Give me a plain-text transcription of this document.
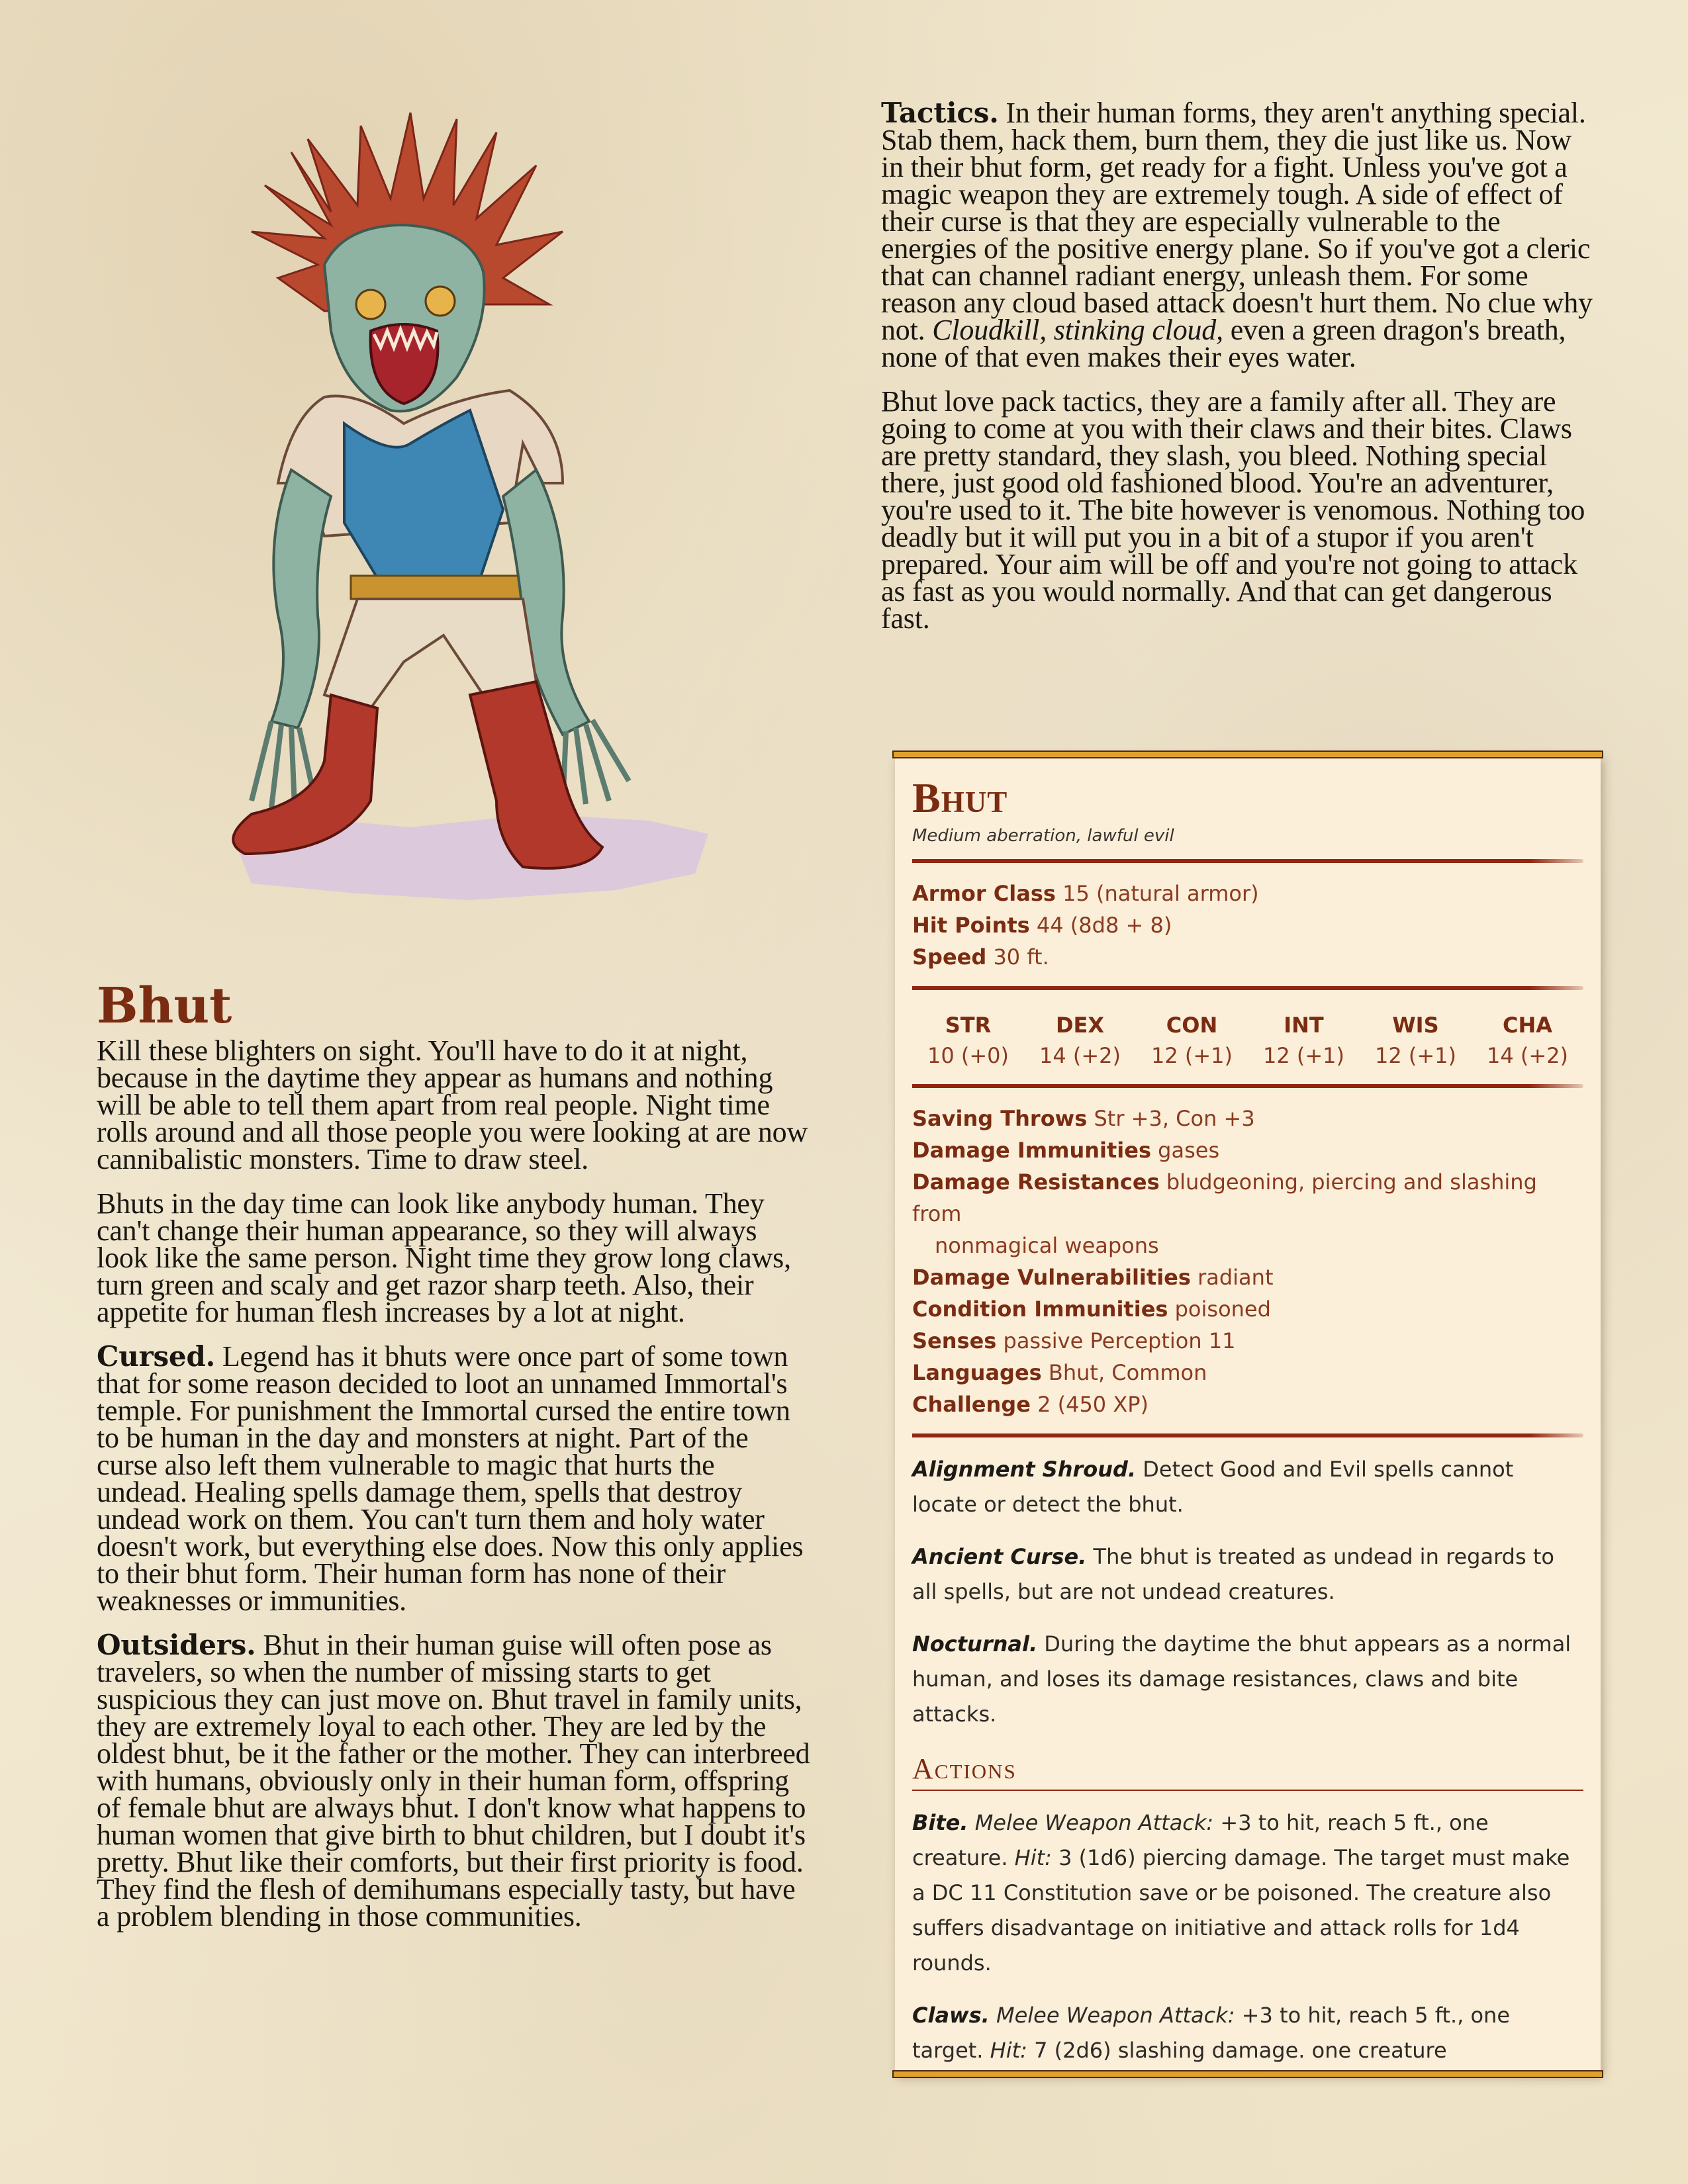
Bhut

Kill these blighters on sight. You'll have to do it at night, because in the daytime they appear as humans and nothing will be able to tell them apart from real people. Night time rolls around and all those people you were looking at are now cannibalistic monsters. Time to draw steel.

Bhuts in the day time can look like anybody human. They can't change their human appearance, so they will always look like the same person. Night time they grow long claws, turn green and scaly and get razor sharp teeth. Also, their appetite for human flesh increases by a lot at night.

Cursed. Legend has it bhuts were once part of some town that for some reason decided to loot an unnamed Immortal's temple. For punishment the Immortal cursed the entire town to be human in the day and monsters at night. Part of the curse also left them vulnerable to magic that hurts the undead. Healing spells damage them, spells that destroy undead work on them. You can't turn them and holy water doesn't work, but everything else does. Now this only applies to their bhut form. Their human form has none of their weaknesses or immunities.

Outsiders. Bhut in their human guise will often pose as travelers, so when the number of missing starts to get suspicious they can just move on. Bhut travel in family units, they are extremely loyal to each other. They are led by the oldest bhut, be it the father or the mother. They can interbreed with humans, obviously only in their human form, offspring of female bhut are always bhut. I don't know what happens to human women that give birth to bhut children, but I doubt it's pretty. Bhut like their comforts, but their first priority is food. They find the flesh of demihumans especially tasty, but have a problem blending in those communities.

Tactics. In their human forms, they aren't anything special. Stab them, hack them, burn them, they die just like us. Now in their bhut form, get ready for a fight. Unless you've got a magic weapon they are extremely tough. A side of effect of their curse is that they are especially vulnerable to the energies of the positive energy plane. So if you've got a cleric that can channel radiant energy, unleash them. For some reason any cloud based attack doesn't hurt them. No clue why not. Cloudkill, stinking cloud, even a green dragon's breath, none of that even makes their eyes water.

Bhut love pack tactics, they are a family after all. They are going to come at you with their claws and their bites. Claws are pretty standard, they slash, you bleed. Nothing special there, just good old fashioned blood. You're an adventurer, you're used to it. The bite however is venomous. Nothing too deadly but it will put you in a bit of a stupor if you aren't prepared. Your aim will be off and you're not going to attack as fast as you would normally. And that can get dangerous fast.

Bhut
Medium aberration, lawful evil
Armor Class 15 (natural armor)
Hit Points 44 (8d8 + 8)
Speed 30 ft.
STR
10 (+0)
DEX
14 (+2)
CON
12 (+1)
INT
12 (+1)
WIS
12 (+1)
CHA
14 (+2)
Saving Throws Str +3, Con +3
Damage Immunities gases
Damage Resistances bludgeoning, piercing and slashing from
nonmagical weapons
Damage Vulnerabilities radiant
Condition Immunities poisoned
Senses passive Perception 11
Languages Bhut, Common
Challenge 2 (450 XP)
Alignment Shroud. Detect Good and Evil spells cannot locate or detect the bhut.
Ancient Curse. The bhut is treated as undead in regards to all spells, but are not undead creatures.
Nocturnal. During the daytime the bhut appears as a normal human, and loses its damage resistances, claws and bite attacks.
Actions
Bite. Melee Weapon Attack: +3 to hit, reach 5 ft., one creature. Hit: 3 (1d6) piercing damage. The target must make a DC 11 Constitution save or be poisoned. The creature also suffers disadvantage on initiative and attack rolls for 1d4 rounds.
Claws. Melee Weapon Attack: +3 to hit, reach 5 ft., one target. Hit: 7 (2d6) slashing damage. one creature
